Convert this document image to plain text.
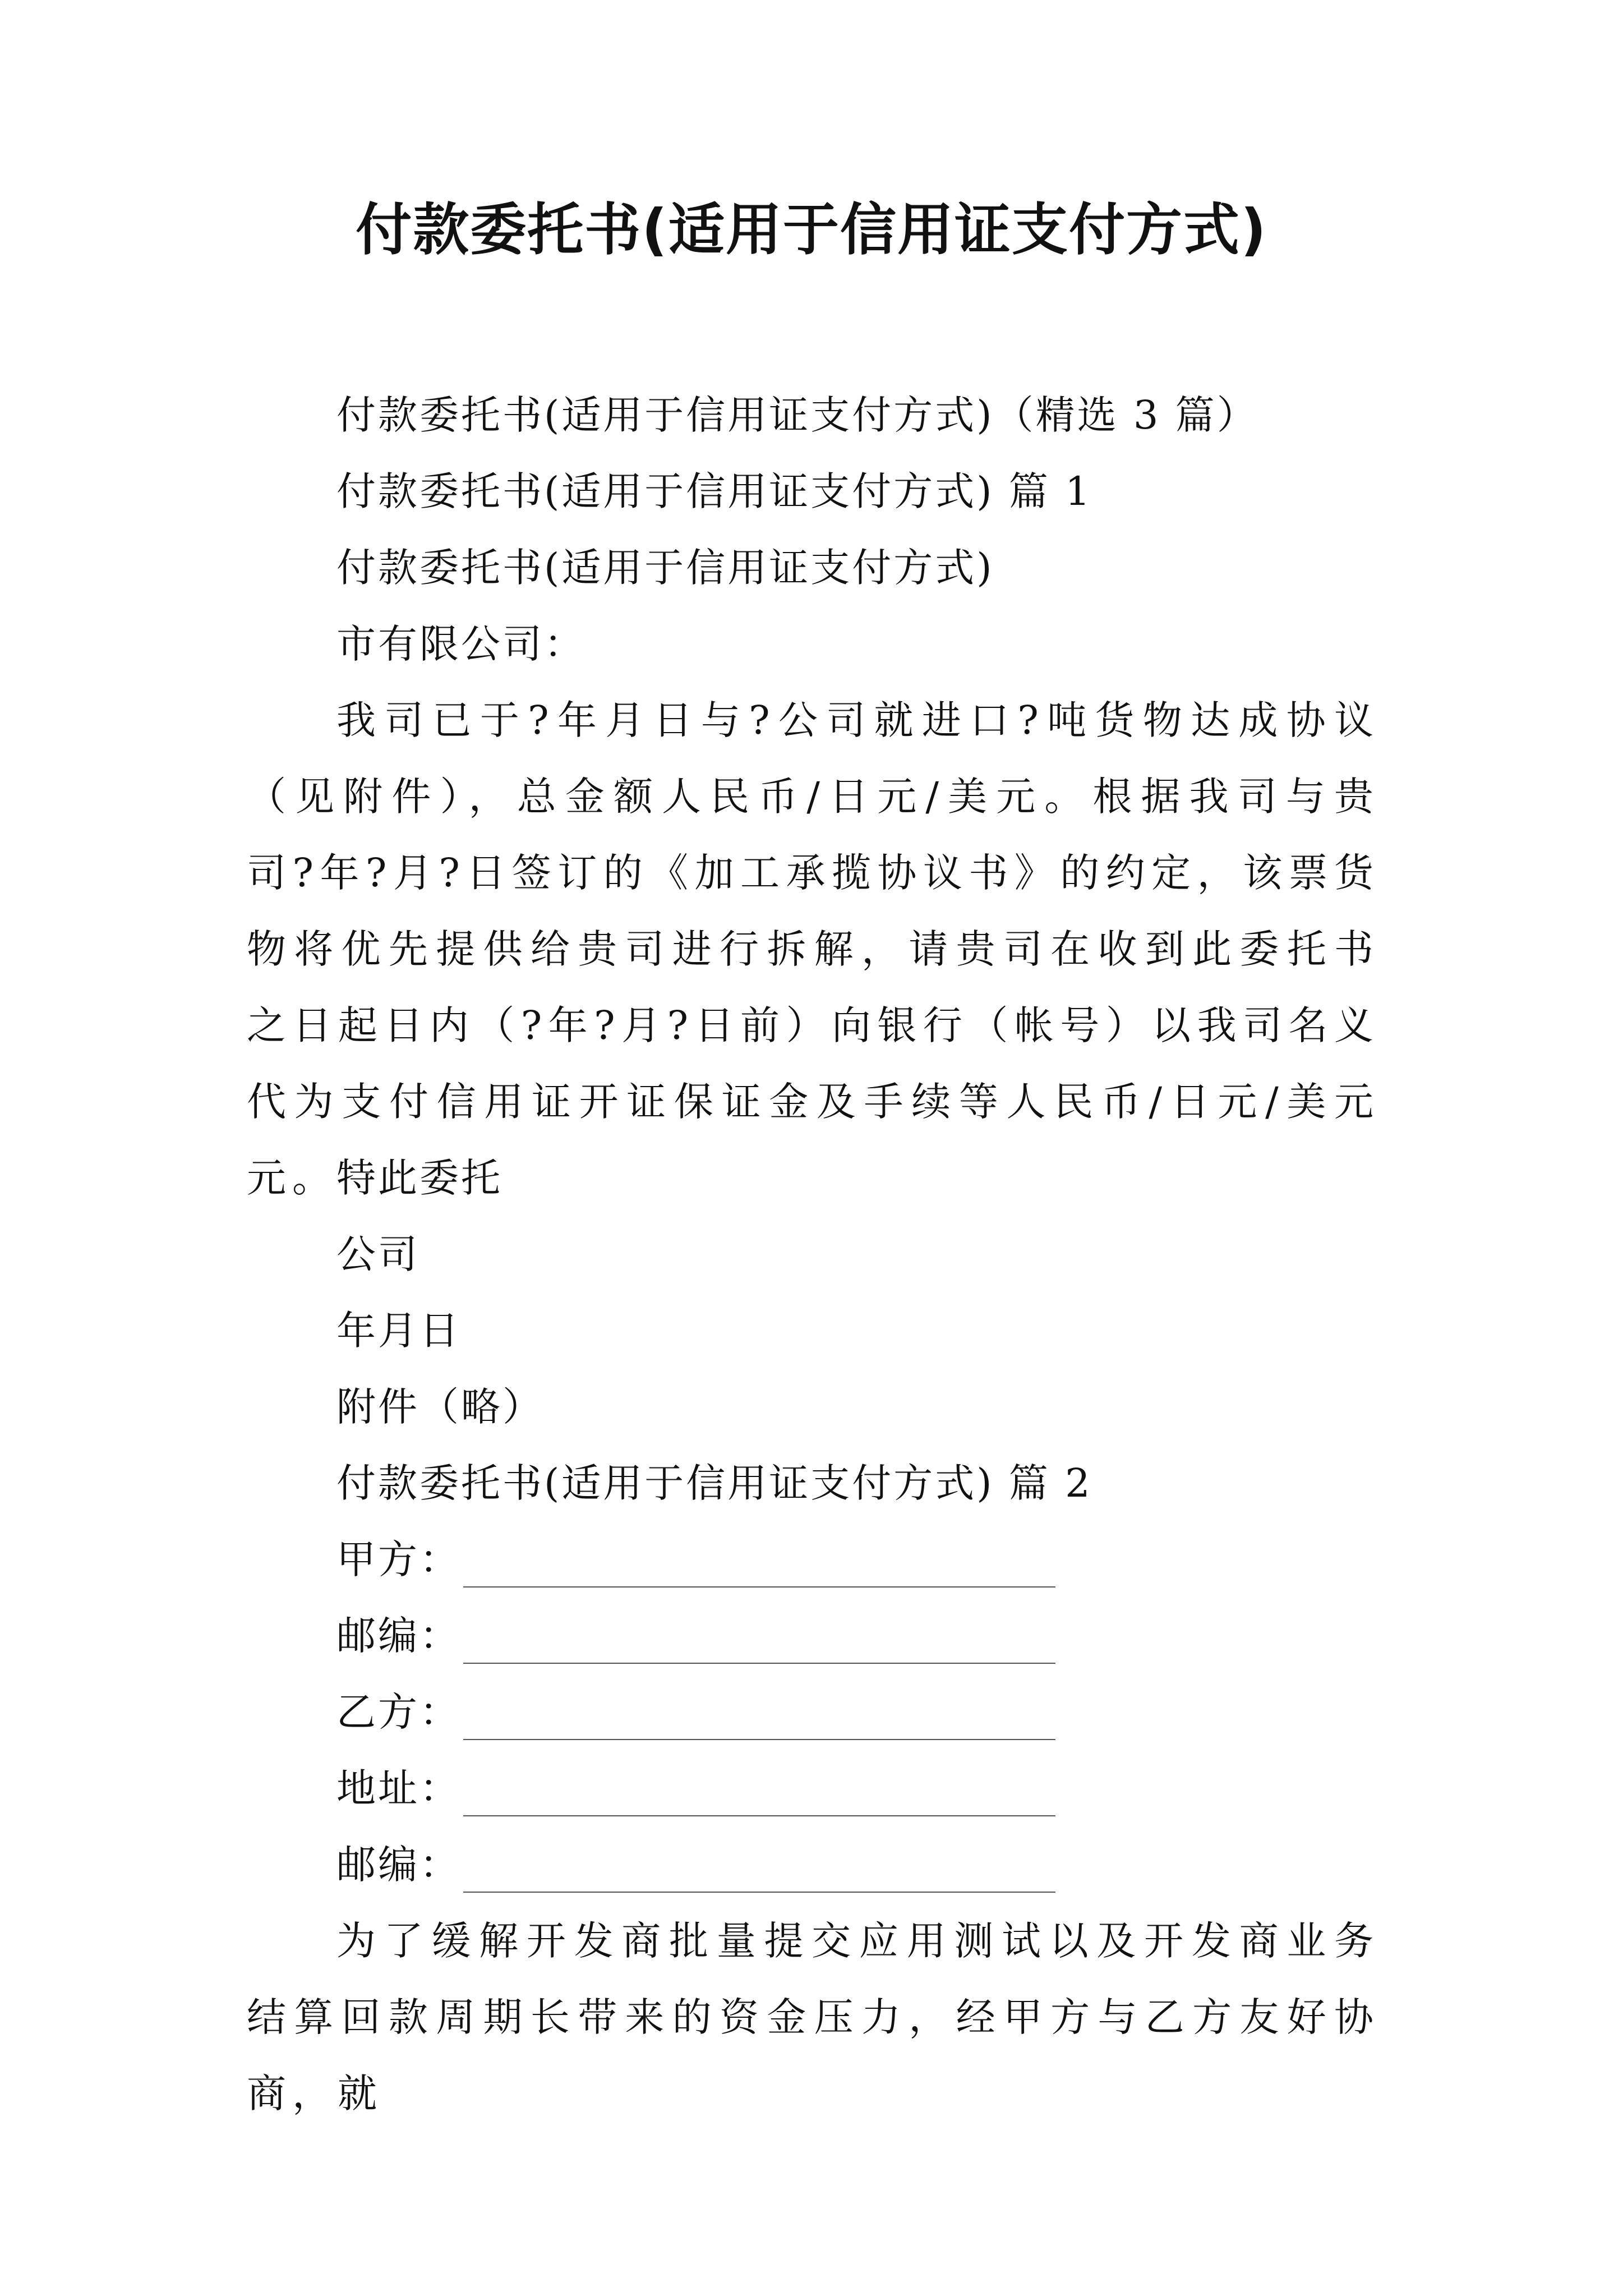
付款委托书(适用于信用证支付方式)
付款委托书(适用于信用证支付方式)（精选 3 篇）
付款委托书(适用于信用证支付方式) 篇 1
付款委托书(适用于信用证支付方式)
市有限公司：
我司已于?年月日与?公司就进口?吨货物达成协议（见附件），总金额人民币/日元/美元。根据我司与贵司?年?月?日签订的《加工承揽协议书》的约定，该票货物将优先提供给贵司进行拆解，请贵司在收到此委托书之日起日内（?年?月?日前）向银行（帐号）以我司名义代为支付信用证开证保证金及手续等人民币/日元/美元元。
特此委托
公司
年月日
附件（略）
付款委托书(适用于信用证支付方式) 篇 2
甲方：
邮编：
乙方：
地址：
邮编：
为了缓解开发商批量提交应用测试以及开发商业务结算回款周期长带来的资金压力，经甲方与乙方友好协商，就
